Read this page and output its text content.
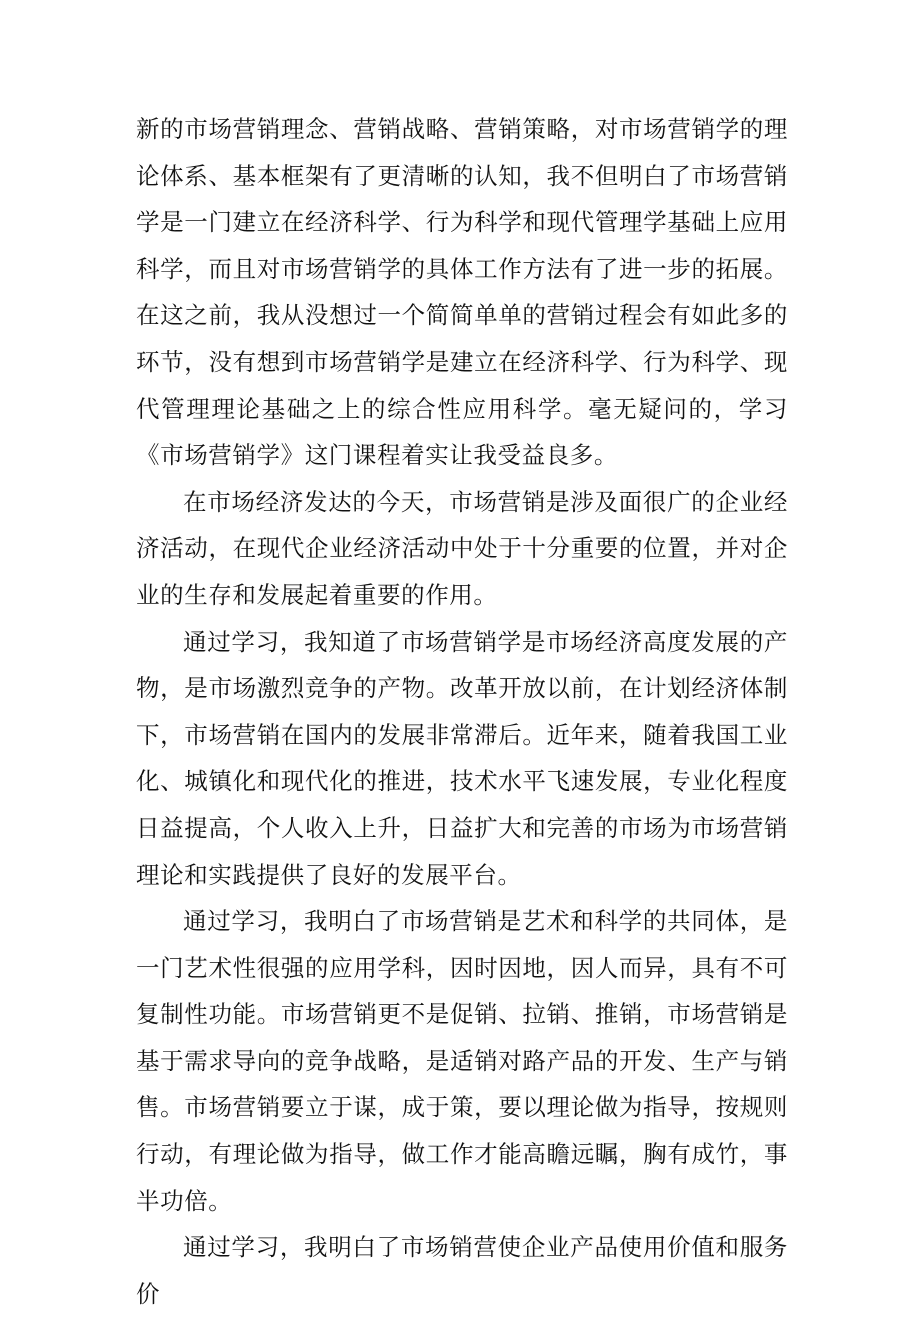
新的市场营销理念、营销战略、营销策略，对市场营销学的理论体系、基本框架有了更清晰的认知，我不但明白了市场营销学是一门建立在经济科学、行为科学和现代管理学基础上应用科学，而且对市场营销学的具体工作方法有了进一步的拓展。在这之前，我从没想过一个简简单单的营销过程会有如此多的环节，没有想到市场营销学是建立在经济科学、行为科学、现代管理理论基础之上的综合性应用科学。毫无疑问的，学习《市场营销学》这门课程着实让我受益良多。

在市场经济发达的今天，市场营销是涉及面很广的企业经济活动，在现代企业经济活动中处于十分重要的位置，并对企业的生存和发展起着重要的作用。

通过学习，我知道了市场营销学是市场经济高度发展的产物，是市场激烈竞争的产物。改革开放以前，在计划经济体制下，市场营销在国内的发展非常滞后。近年来，随着我国工业化、城镇化和现代化的推进，技术水平飞速发展，专业化程度日益提高，个人收入上升，日益扩大和完善的市场为市场营销理论和实践提供了良好的发展平台。

通过学习，我明白了市场营销是艺术和科学的共同体，是一门艺术性很强的应用学科，因时因地，因人而异，具有不可复制性功能。市场营销更不是促销、拉销、推销，市场营销是基于需求导向的竞争战略，是适销对路产品的开发、生产与销售。市场营销要立于谋，成于策，要以理论做为指导，按规则行动，有理论做为指导，做工作才能高瞻远瞩，胸有成竹，事半功倍。

通过学习，我明白了市场销营使企业产品使用价值和服务价
